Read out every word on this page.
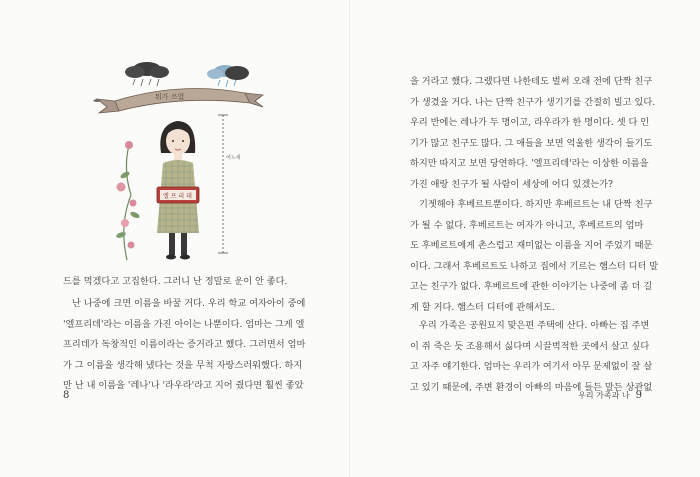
뭐가 쓰였
어느새
엘 프 리 데

드를 먹겠다고 고집한다. 그러니 난 정말로 운이 안 좋다.

난 나중에 크면 이름을 바꿀 거다. 우리 학교 여자아이 중에
'엘프리데'라는 이름을 가진 아이는 나뿐이다. 엄마는 그게 엘
프리데가 독창적인 이름이라는 증거라고 했다. 그러면서 엄마
가 그 이름을 생각해 냈다는 것을 무척 자랑스러워했다. 하지
만 난 내 이름을 '레나'나 '라우라'라고 지어 줬다면 훨씬 좋았

8

을 거라고 했다. 그랬다면 나한테도 벌써 오래 전에 단짝 친구
가 생겼을 거다. 나는 단짝 친구가 생기기를 간절히 빌고 있다.
우리 반에는 레나가 두 명이고, 라우라가 한 명이다. 셋 다 인
기가 많고 친구도 많다. 그 애들을 보면 억울한 생각이 들기도
하지만 따지고 보면 당연하다. '엘프리데'라는 이상한 이름을
가진 애랑 친구가 될 사람이 세상에 어디 있겠는가?

기젯해야 후베르트뿐이다. 하지만 후베르트는 내 단짝 친구
가 될 수 없다. 후베르트는 여자가 아니고, 후베르트의 엄마
도 후베르트에게 촌스럽고 재미없는 이름을 지어 주었기 때문
이다. 그래서 후베르트도 나하고 집에서 기르는 햄스터 디터 말
고는 친구가 없다. 후베르트에 관한 이야기는 나중에 좀 더 길
게 할 거다. 햄스터 디터에 관해서도.

우리 가족은 공원묘지 맞은편 주택에 산다. 아빠는 집 주변
이 쥐 죽은 듯 조용해서 싫다며 시끌벅적한 곳에서 살고 싶다
고 자주 얘기한다. 엄마는 우리가 여기서 아무 문제없이 잘 살
고 있기 때문에, 주변 환경이 아빠의 마음에 들든 말든 상관없

우리 가족과 나 9
